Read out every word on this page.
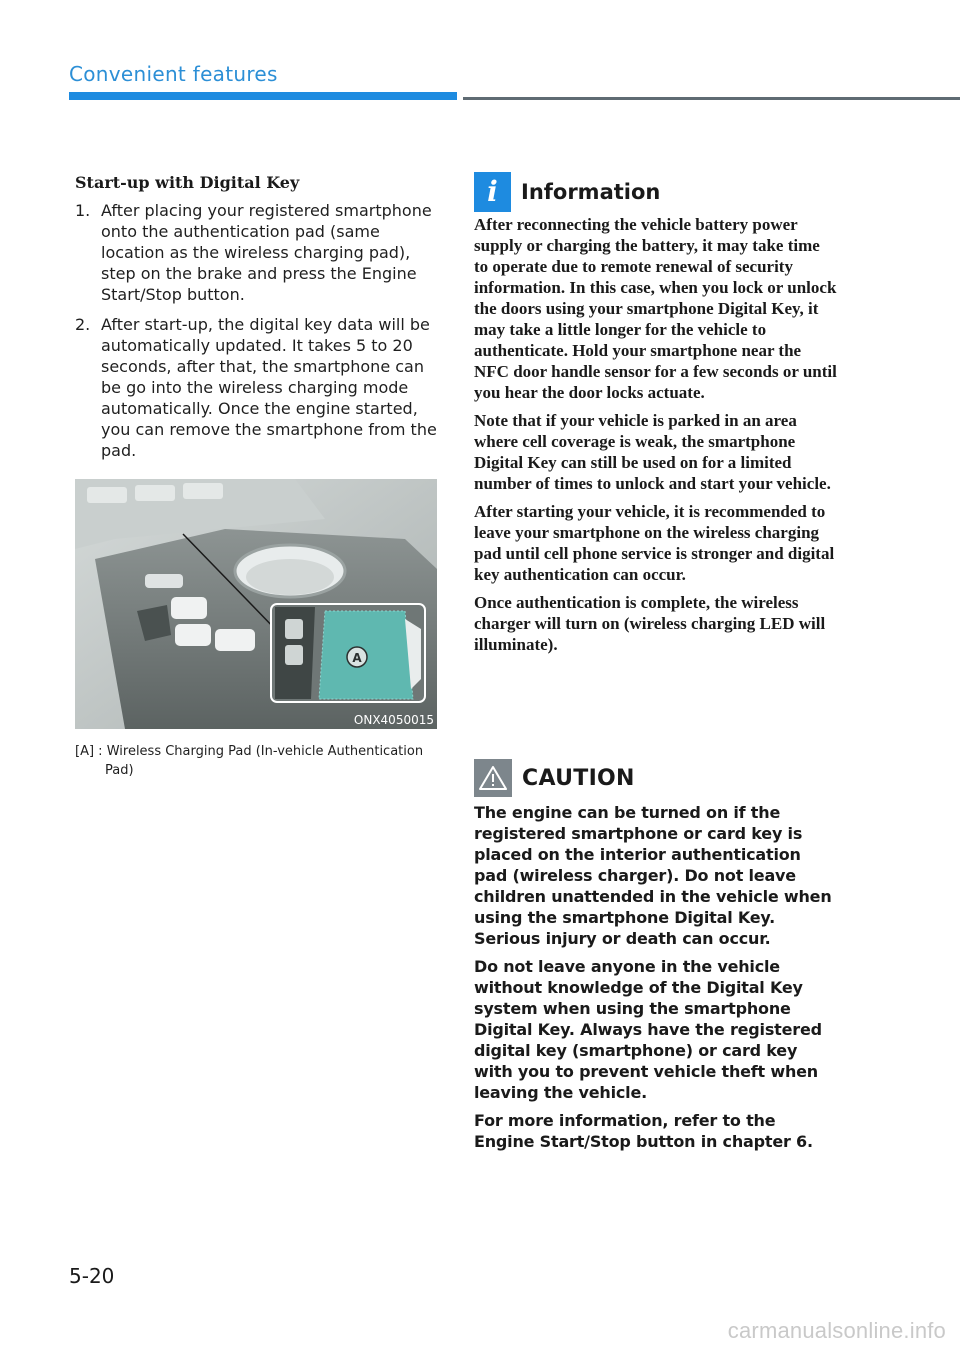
Convenient features
Start-up with Digital Key
1. After placing your registered smartphone onto the authentication pad (same location as the wireless charging pad), step on the brake and press the Engine Start/Stop button.
2. After start-up, the digital key data will be automatically updated. It takes 5 to 20 seconds, after that, the smartphone can be go into the wireless charging mode automatically. Once the engine started, you can remove the smartphone from the pad.
A
ONX4050015
[A] : Wireless Charging Pad (In-vehicle Authentication
Pad)
i Information

After reconnecting the vehicle battery power supply or charging the battery, it may take time to operate due to remote renewal of security information. In this case, when you lock or unlock the doors using your smartphone Digital Key, it may take a little longer for the vehicle to authenticate. Hold your smartphone near the NFC door handle sensor for a few seconds or until you hear the door locks actuate.

Note that if your vehicle is parked in an area where cell coverage is weak, the smartphone Digital Key can still be used on for a limited number of times to unlock and start your vehicle.

After starting your vehicle, it is recommended to leave your smartphone on the wireless charging pad until cell phone service is stronger and digital key authentication can occur.

Once authentication is complete, the wireless charger will turn on (wireless charging LED will illuminate).

CAUTION

The engine can be turned on if the registered smartphone or card key is placed on the interior authentication pad (wireless charger). Do not leave children unattended in the vehicle when using the smartphone Digital Key. Serious injury or death can occur.

Do not leave anyone in the vehicle without knowledge of the Digital Key system when using the smartphone Digital Key. Always have the registered digital key (smartphone) or card key with you to prevent vehicle theft when leaving the vehicle.

For more information, refer to the Engine Start/Stop button in chapter 6.

5-20
carmanualsonline.info
